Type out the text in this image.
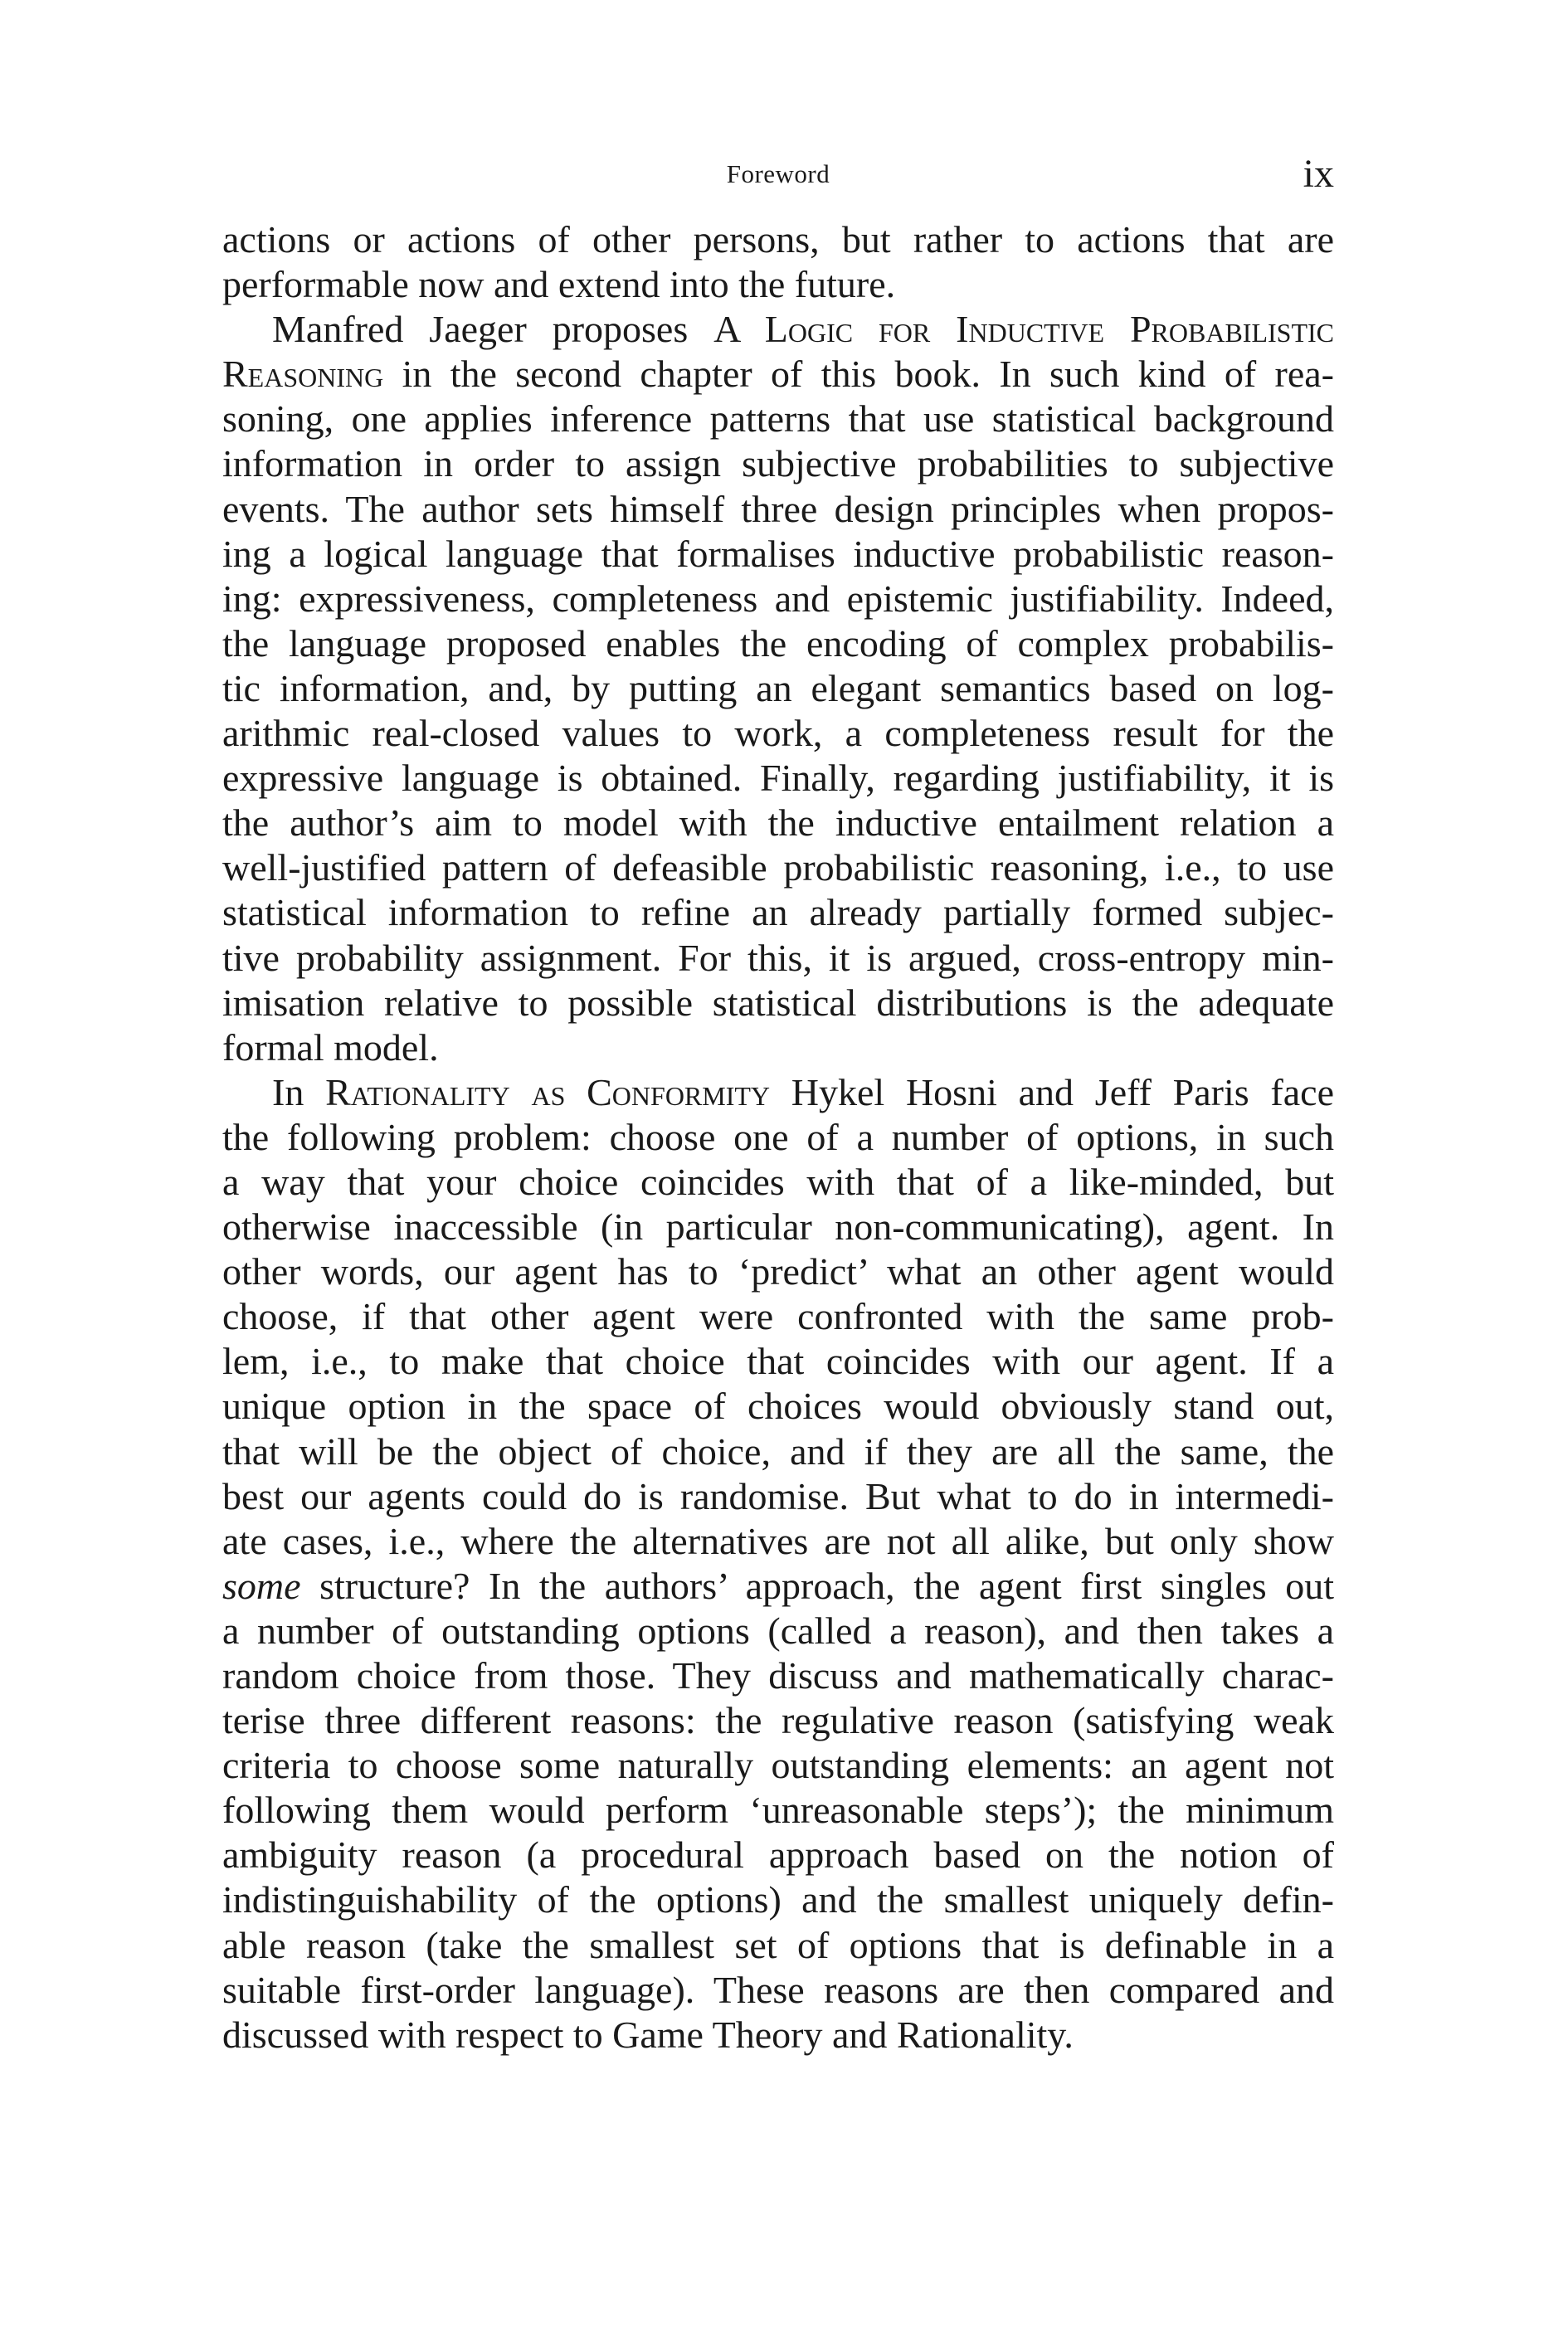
Foreword	ix
actions or actions of other persons, but rather to actions that are
performable now and extend into the future.
Manfred Jaeger proposes A Logic for Inductive Probabilistic
Reasoning in the second chapter of this book. In such kind of rea-
soning, one applies inference patterns that use statistical background
information in order to assign subjective probabilities to subjective
events. The author sets himself three design principles when propos-
ing a logical language that formalises inductive probabilistic reason-
ing: expressiveness, completeness and epistemic justifiability. Indeed,
the language proposed enables the encoding of complex probabilis-
tic information, and, by putting an elegant semantics based on log-
arithmic real-closed values to work, a completeness result for the
expressive language is obtained. Finally, regarding justifiability, it is
the author’s aim to model with the inductive entailment relation a
well-justified pattern of defeasible probabilistic reasoning, i.e., to use
statistical information to refine an already partially formed subjec-
tive probability assignment. For this, it is argued, cross-entropy min-
imisation relative to possible statistical distributions is the adequate
formal model.
In Rationality as Conformity Hykel Hosni and Jeff Paris face
the following problem: choose one of a number of options, in such
a way that your choice coincides with that of a like-minded, but
otherwise inaccessible (in particular non-communicating), agent. In
other words, our agent has to ‘predict’ what an other agent would
choose, if that other agent were confronted with the same prob-
lem, i.e., to make that choice that coincides with our agent. If a
unique option in the space of choices would obviously stand out,
that will be the object of choice, and if they are all the same, the
best our agents could do is randomise. But what to do in intermedi-
ate cases, i.e., where the alternatives are not all alike, but only show
some structure? In the authors’ approach, the agent first singles out
a number of outstanding options (called a reason), and then takes a
random choice from those. They discuss and mathematically charac-
terise three different reasons: the regulative reason (satisfying weak
criteria to choose some naturally outstanding elements: an agent not
following them would perform ‘unreasonable steps’); the minimum
ambiguity reason (a procedural approach based on the notion of
indistinguishability of the options) and the smallest uniquely defin-
able reason (take the smallest set of options that is definable in a
suitable first-order language). These reasons are then compared and
discussed with respect to Game Theory and Rationality.
